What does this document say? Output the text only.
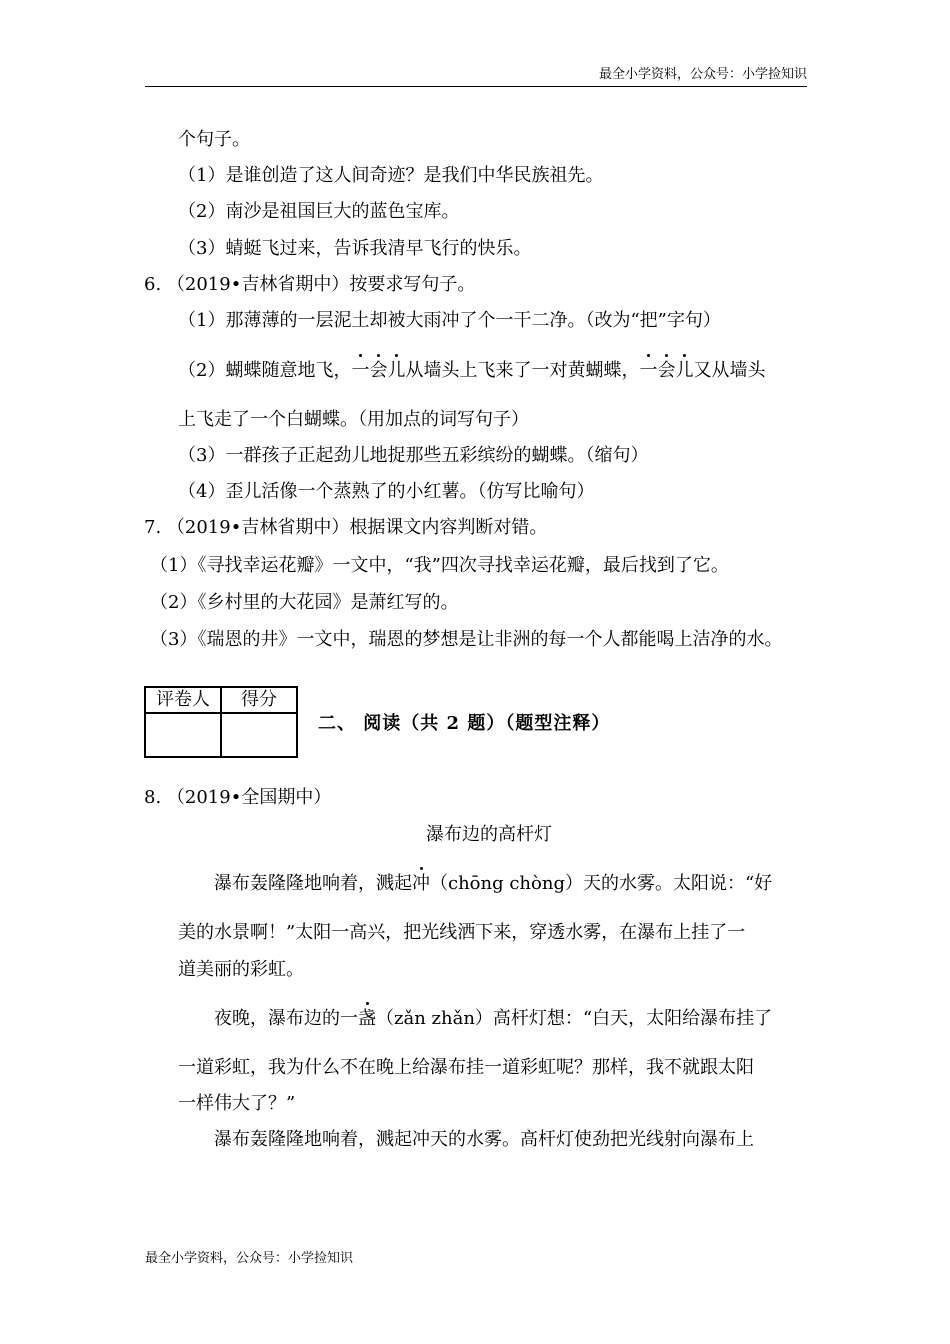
最全小学资料，公众号：小学捡知识
个句子。
（1）是谁创造了这人间奇迹？是我们中华民族祖先。
（2）南沙是祖国巨大的蓝色宝库。
（3）蜻蜓飞过来，告诉我清早飞行的快乐。
6. （2019•吉林省期中）按要求写句子。
（1）那薄薄的一层泥土却被大雨冲了个一干二净。（改为“把”字句）
（2）蝴蝶随意地飞，一会儿从墙头上飞来了一对黄蝴蝶，一会儿又从墙头
上飞走了一个白蝴蝶。（用加点的词写句子）
（3）一群孩子正起劲儿地捉那些五彩缤纷的蝴蝶。（缩句）
（4）歪儿活像一个蒸熟了的小红薯。（仿写比喻句）
7. （2019•吉林省期中）根据课文内容判断对错。
（1）《寻找幸运花瓣》一文中，“我”四次寻找幸运花瓣，最后找到了它。
（2）《乡村里的大花园》是萧红写的。
（3）《瑞恩的井》一文中，瑞恩的梦想是让非洲的每一个人都能喝上洁净的水。
评卷人	得分

二、 阅读（共 2 题）（题型注释）
8. （2019•全国期中）
瀑布边的高杆灯
瀑布轰隆隆地响着，溅起冲（chōng chòng）天的水雾。太阳说：“好
美的水景啊！”太阳一高兴，把光线洒下来，穿透水雾，在瀑布上挂了一
道美丽的彩虹。
夜晚，瀑布边的一盏（zǎn zhǎn）高杆灯想：“白天，太阳给瀑布挂了
一道彩虹，我为什么不在晚上给瀑布挂一道彩虹呢？那样，我不就跟太阳
一样伟大了？”
瀑布轰隆隆地响着，溅起冲天的水雾。高杆灯使劲把光线射向瀑布上
最全小学资料，公众号：小学捡知识
